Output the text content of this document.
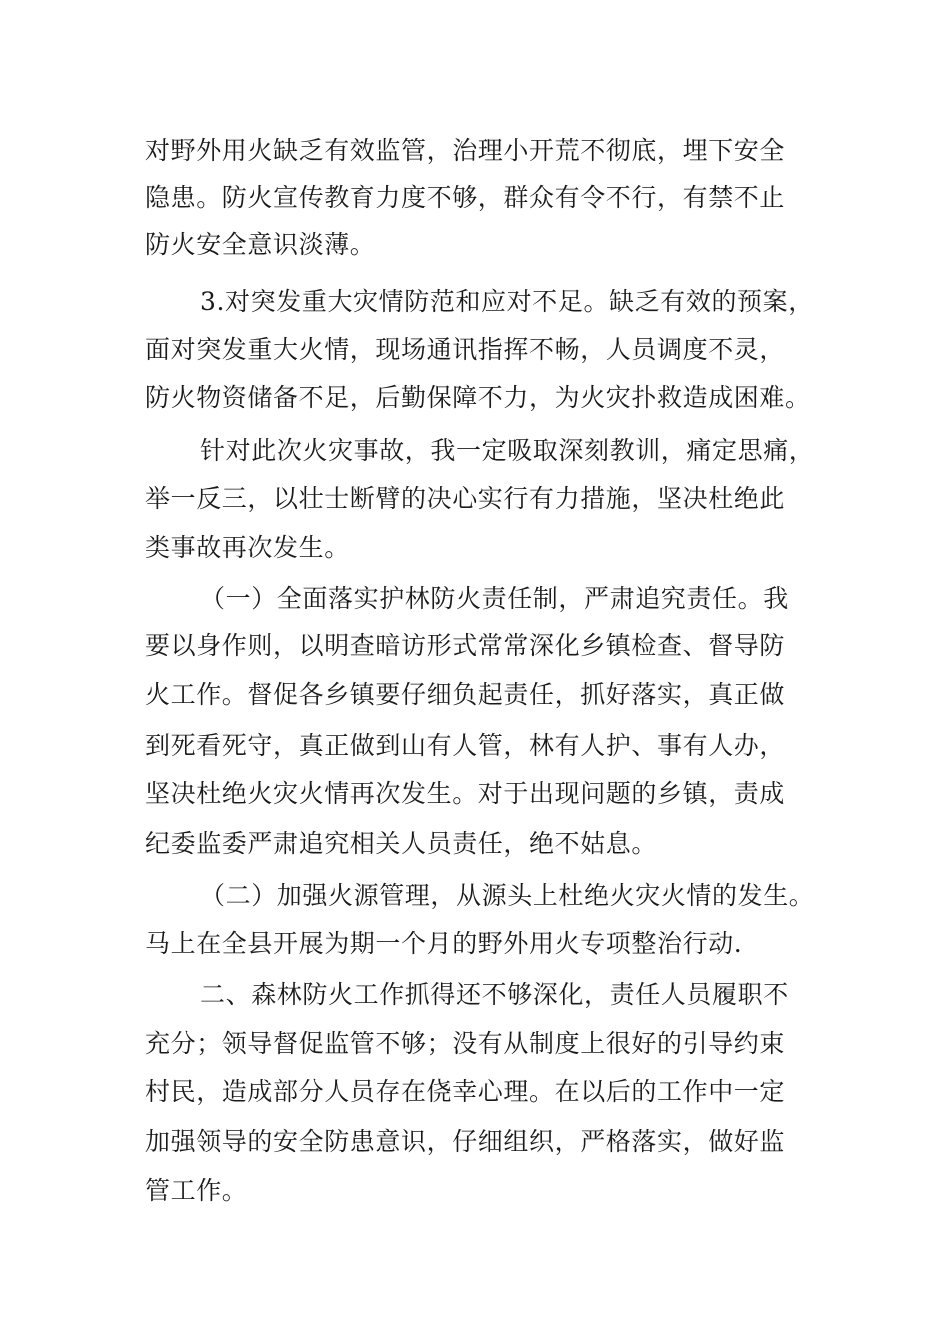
对野外用火缺乏有效监管，治理小开荒不彻底，埋下安全
隐患。防火宣传教育力度不够，群众有令不行，有禁不止
防火安全意识淡薄。
3.对突发重大灾情防范和应对不足。缺乏有效的预案，
面对突发重大火情，现场通讯指挥不畅，人员调度不灵，
防火物资储备不足，后勤保障不力，为火灾扑救造成困难。
针对此次火灾事故，我一定吸取深刻教训，痛定思痛，
举一反三，以壮士断臂的决心实行有力措施，坚决杜绝此
类事故再次发生。
（一）全面落实护林防火责任制，严肃追究责任。我
要以身作则，以明查暗访形式常常深化乡镇检查、督导防
火工作。督促各乡镇要仔细负起责任，抓好落实，真正做
到死看死守，真正做到山有人管，林有人护、事有人办，
坚决杜绝火灾火情再次发生。对于出现问题的乡镇，责成
纪委监委严肃追究相关人员责任，绝不姑息。
（二）加强火源管理，从源头上杜绝火灾火情的发生。
马上在全县开展为期一个月的野外用火专项整治行动.
二、森林防火工作抓得还不够深化，责任人员履职不
充分；领导督促监管不够；没有从制度上很好的引导约束
村民，造成部分人员存在侥幸心理。在以后的工作中一定
加强领导的安全防患意识，仔细组织，严格落实，做好监
管工作。
